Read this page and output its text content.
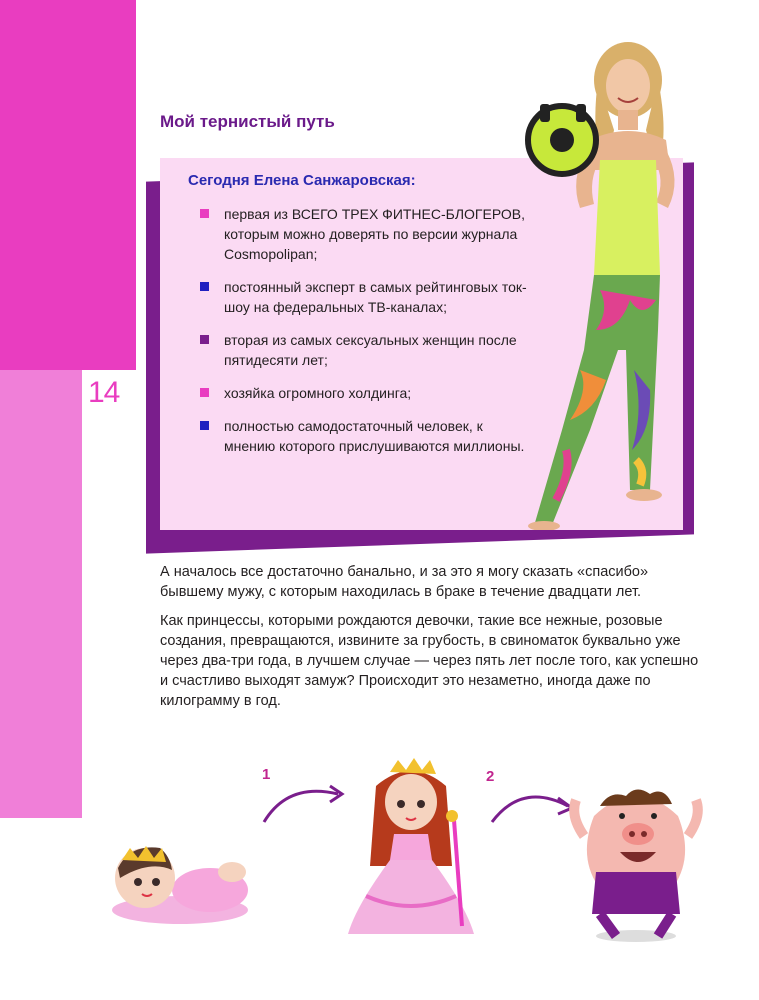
14
Мой тернистый путь
Сегодня Елена Санжаровская:
первая из ВСЕГО ТРЕХ ФИТНЕС-БЛОГЕРОВ, которым можно доверять по версии журнала Cosmopolipan;
постоянный эксперт в самых рейтинговых ток-шоу на федеральных ТВ-каналах;
вторая из самых сексуальных женщин после пятидесяти лет;
хозяйка огромного холдинга;
полностью самодостаточный человек, к мнению которого прислушиваются миллионы.

А началось все достаточно банально, и за это я могу сказать «спасибо» бывшему мужу, с которым находилась в браке в течение двадцати лет.

Как принцессы, которыми рождаются девочки, такие все нежные, розовые создания, превращаются, извините за грубость, в свиноматок буквально уже через два-три года, в лучшем случае — через пять лет после того, как успешно и счастливо выходят замуж? Происходит это незаметно, иногда даже по килограмму в год.

1	2
